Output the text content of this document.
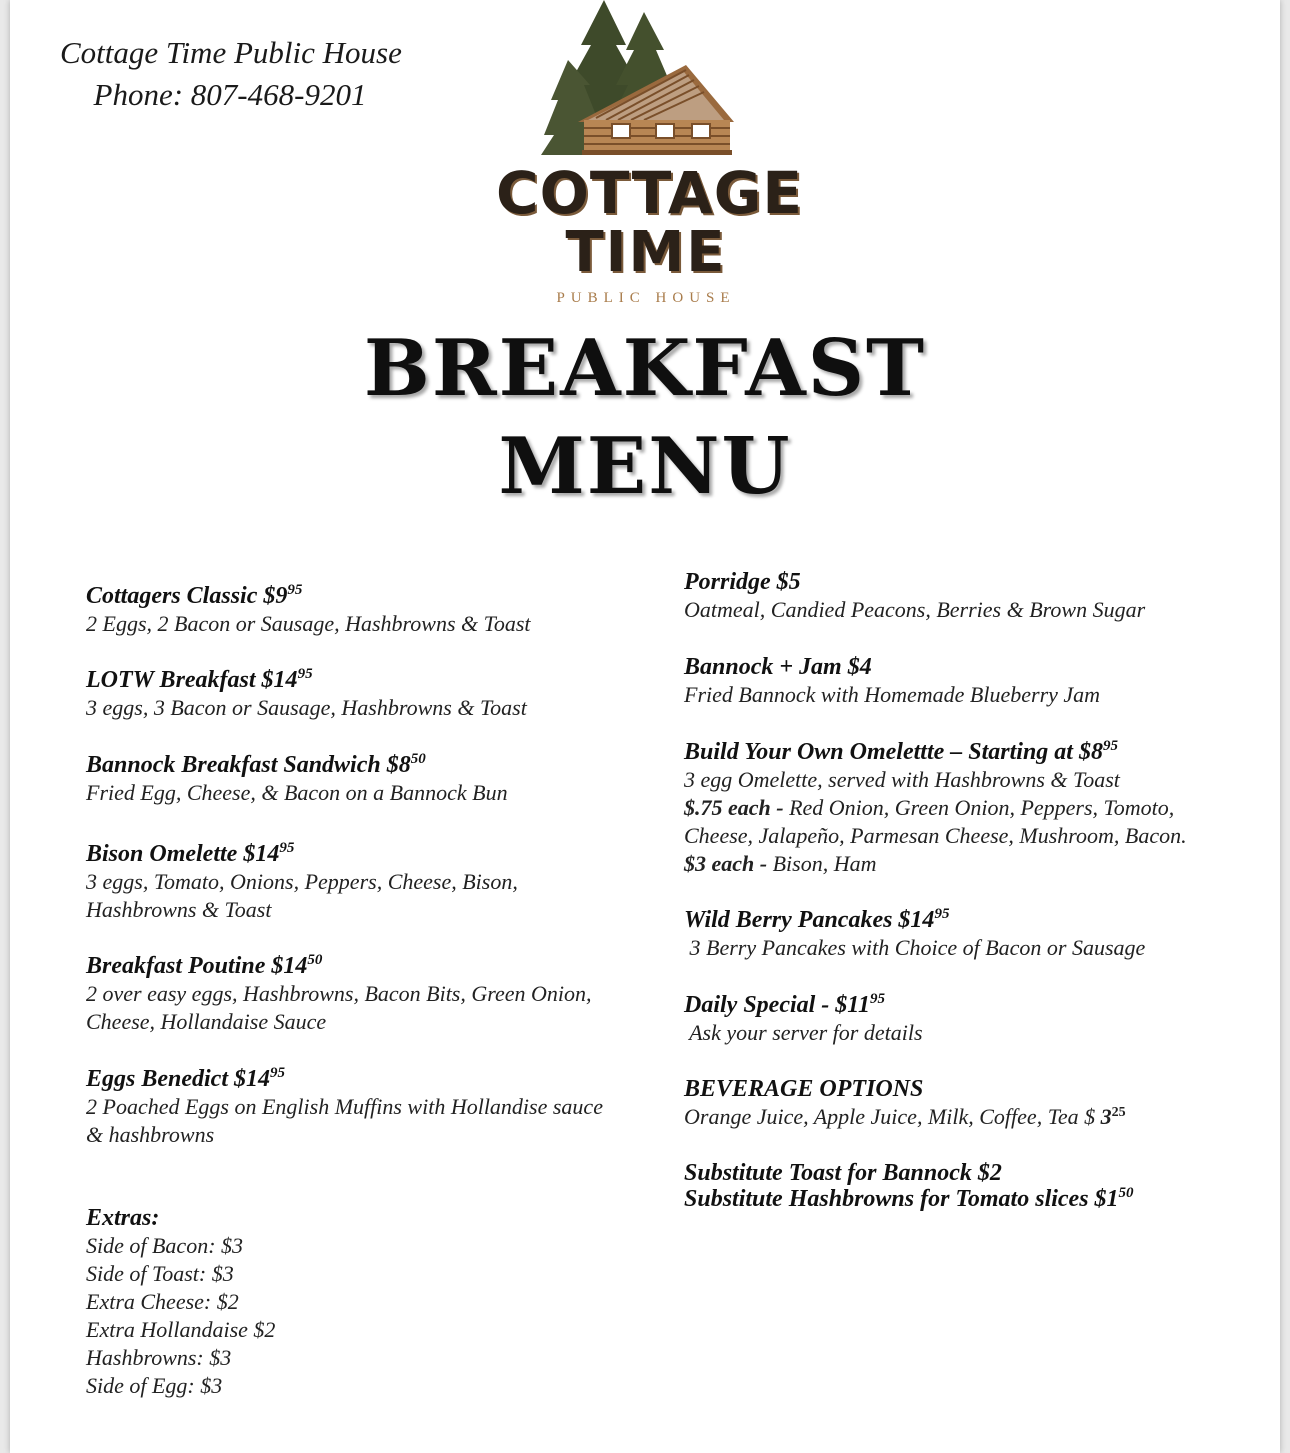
Cottage Time Public House
Phone: 807-468-9201
COTTAGE
TIME
PUBLIC HOUSE
BREAKFAST
MENU
Cottagers Classic $\$9^{95}$
2 Eggs, 2 Bacon or Sausage, Hashbrowns & Toast
LOTW Breakfast $\$14^{95}$
3 eggs, 3 Bacon or Sausage, Hashbrowns & Toast
Bannock Breakfast Sandwich $\$8^{50}$
Fried Egg, Cheese, & Bacon on a Bannock Bun
Bison Omelette $\$14^{95}$
3 eggs, Tomato, Onions, Peppers, Cheese, Bison,
Hashbrowns & Toast
Breakfast Poutine $\$14^{50}$
2 over easy eggs, Hashbrowns, Bacon Bits, Green Onion,
Cheese, Hollandaise Sauce
Eggs Benedict $\$14^{95}$
2 Poached Eggs on English Muffins with Hollandise sauce
& hashbrowns
Extras:
Side of Bacon: $3
Side of Toast: $3
Extra Cheese: $2
Extra Hollandaise $2
Hashbrowns: $3
Side of Egg: $3
Porridge $5
Oatmeal, Candied Peacons, Berries & Brown Sugar
Bannock + Jam $4
Fried Bannock with Homemade Blueberry Jam
Build Your Own Omelettte – Starting at $\$8^{95}$
3 egg Omelette, served with Hashbrowns & Toast
$.75 each - Red Onion, Green Onion, Peppers, Tomoto,
Cheese, Jalapeño, Parmesan Cheese, Mushroom, Bacon.
$3 each - Bison, Ham
Wild Berry Pancakes $\$14^{95}$
3 Berry Pancakes with Choice of Bacon or Sausage
Daily Special - $\$11^{95}$
Ask your server for details
BEVERAGE OPTIONS
Orange Juice, Apple Juice, Milk, Coffee, Tea $ $3^{25}$
Substitute Toast for Bannock $2
Substitute Hashbrowns for Tomato slices $\$1^{50}$
